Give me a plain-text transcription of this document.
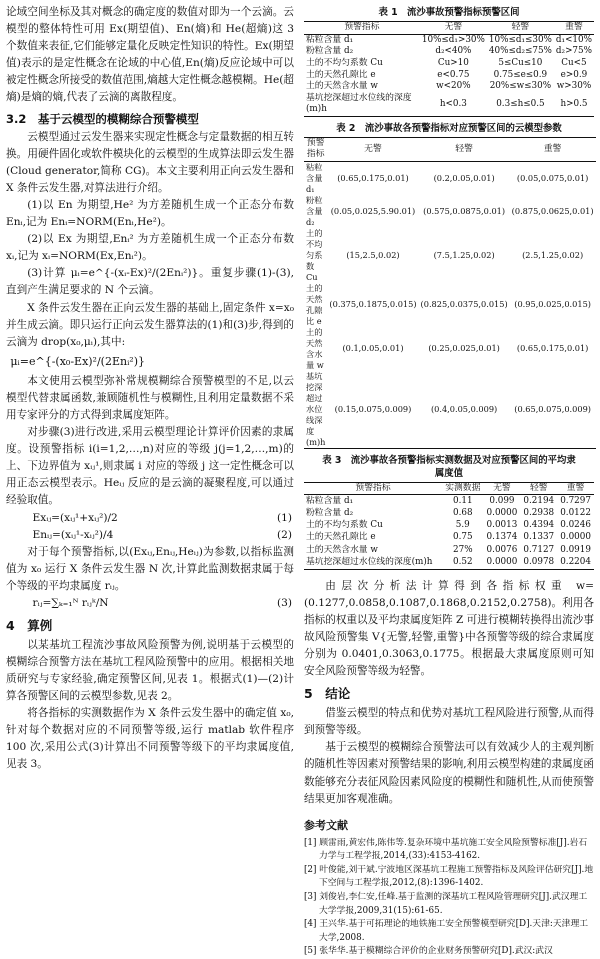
论域空间坐标及其对概念的确定度的数值对即为一个云滴。云模型的整体特性可用 Ex(期望值)、En(熵)和 He(超熵)这 3 个数值来表征,它们能够定量化反映定性知识的特性。Ex(期望值)表示的是定性概念在论域的中心值,En(熵)反应论域中可以被定性概念所接受的数值范围,熵越大定性概念越模糊。He(超熵)是熵的熵,代表了云滴的离散程度。

3.2　基于云模型的模糊综合预警模型

云模型通过云发生器来实现定性概念与定量数据的相互转换。用硬件固化或软件模块化的云模型的生成算法即云发生器(Cloud generator,简称 CG)。本文主要利用正向云发生器和 X 条件云发生器,对算法进行介绍。

(1)以 En 为期望,He² 为方差随机生成一个正态分布数 Enᵢ,记为 Enᵢ=NORM(Enᵢ,He²)。

(2)以 Ex 为期望,Enᵢ² 为方差随机生成一个正态分布数 xᵢ,记为 xᵢ=NORM(Ex,Enᵢ²)。

(3)计算 μᵢ=e^{-(xᵢ-Ex)²/(2Enᵢ²)}。重复步骤(1)-(3),直到产生满足要求的 N 个云滴。

X 条件云发生器在正向云发生器的基础上,固定条件 x=x₀ 并生成云滴。即只运行正向云发生器算法的(1)和(3)步,得到的云滴为 drop(x₀,μᵢ),其中:

μᵢ=e^{-(x₀-Ex)²/(2Enᵢ²)}

本文使用云模型弥补常规模糊综合预警模型的不足,以云模型代替隶属函数,兼顾随机性与模糊性,且利用定量数据不采用专家评分的方式得到隶属度矩阵。

对步骤(3)进行改进,采用云模型理论计算评价因素的隶属度。设预警指标 i(i=1,2,…,n)对应的等级 j(j=1,2,…,m)的上、下边界值为 xᵢⱼ¹,则隶属 i 对应的等级 j 这一定性概念可以用正态云模型表示。Heᵢⱼ 反应的是云滴的凝聚程度,可以通过经验取值。

Exᵢⱼ=(xᵢⱼ¹+xᵢⱼ²)/2	(1)
Enᵢⱼ=(xᵢⱼ¹-xᵢⱼ²)/4	(2)

对于每个预警指标,以(Exᵢⱼ,Enᵢⱼ,Heᵢⱼ)为参数,以指标监测值为 x₀ 运行 X 条件云发生器 N 次,计算此监测数据隶属于每个等级的平均隶属度 rᵢⱼ。

rᵢⱼ=∑ₖ₌₁ᴺ rᵢⱼᵏ/N	(3)
4　算例

以某基坑工程流沙事故风险预警为例,说明基于云模型的模糊综合预警方法在基坑工程风险预警中的应用。根据相关地质研究与专家经验,确定预警区间,见表 1。根据式(1)—(2)计算各预警区间的云模型参数,见表 2。

将各指标的实测数据作为 X 条件云发生器中的确定值 x₀,针对每个数据对应的不同预警等级,运行 matlab 软件程序 100 次,采用公式(3)计算出不同预警等级下的平均隶属度值,见表 3。

表 1　流沙事故预警指标预警区间
预警指标	无警	轻警	重警
粘粒含量 d₁	10%≤d₁>30%	10%≤d₁≤30%	d₁<10%
粉粒含量 d₂	d₂<40%	40%≤d₂≤75%	d₂>75%
土的不均匀系数 Cu	Cu>10	5≤Cu≤10	Cu<5
土的天然孔隙比 e	e<0.75	0.75≤e≤0.9	e>0.9
土的天然含水量 w	w<20%	20%≤w≤30%	w>30%
基坑挖深超过水位线的深度(m)h	h<0.3	0.3≤h≤0.5	h>0.5
表 2　流沙事故各预警指标对应预警区间的云模型参数
预警指标	无警	轻警	重警
粘粒含量 d₁	(0.65,0.175,0.01)	(0.2,0.05,0.01)	(0.05,0.075,0.01)
粉粒含量 d₂	(0.05,0.025,5.90.01)	(0.575,0.0875,0.01)	(0.875,0.0625,0.01)
土的不均匀系数 Cu	(15,2.5,0.02)	(7.5,1.25,0.02)	(2.5,1.25,0.02)
土的天然孔隙比 e	(0.375,0.1875,0.015)	(0.825,0.0375,0.015)	(0.95,0.025,0.015)
土的天然含水量 w	(0.1,0.05,0.01)	(0.25,0.025,0.01)	(0.65,0.175,0.01)
基坑挖深超过水位线深度(m)h	(0.15,0.075,0.009)	(0.4,0.05,0.009)	(0.65,0.075,0.009)
表 3　流沙事故各预警指标实测数据及对应预警区间的平均隶属度值
预警指标	实测数据	无警	轻警	重警
粘粒含量 d₁	0.11	0.099	0.2194	0.7297
粉粒含量 d₂	0.68	0.0000	0.2938	0.0122
土的不均匀系数 Cu	5.9	0.0013	0.4394	0.0246
土的天然孔隙比 e	0.75	0.1374	0.1337	0.0000
土的天然含水量 w	27%	0.0076	0.7127	0.0919
基坑挖深超过水位线的深度(m)h	0.52	0.0000	0.0978	0.2204

由层次分析法计算得到各指标权重 w=(0.1277,0.0858,0.1087,0.1868,0.2152,0.2758)。利用各指标的权重以及平均隶属度矩阵 Z 可进行模糊转换得出流沙事故风险预警集 V{无警,轻警,重警}中各预警等级的综合隶属度分别为 0.0401,0.3063,0.1775。根据最大隶属度原则可知安全风险预警等级为轻警。

5　结论

借鉴云模型的特点和优势对基坑工程风险进行预警,从而得到预警等级。

基于云模型的模糊综合预警法可以有效减少人的主观判断的随机性等因素对预警结果的影响,利用云模型构建的隶属度函数能够充分表征风险因素风险度的模糊性和随机性,从而使预警结果更加客观准确。

参考文献
[1] 顾雷雨,黄宏伟,陈伟等.复杂环境中基坑施工安全风险预警标准[J].岩石力学与工程学报,2014,(33):4153-4162.
[2] 叶俊能,刘干斌.宁波地区深基坑工程施工预警指标及风险评估研究[J].地下空间与工程学报,2012,(8):1396-1402.
[3] 刘俊岩,李仁安,任峰.基于监测的深基坑工程风险管理研究[J].武汉理工大学学报,2009,31(15):61-65.
[4] 王兴华.基于可拓理论的地铁施工安全预警模型研究[D].天津:天津理工大学,2008.
[5] 张华华.基于模糊综合评价的企业财务预警研究[D].武汉:武汉
